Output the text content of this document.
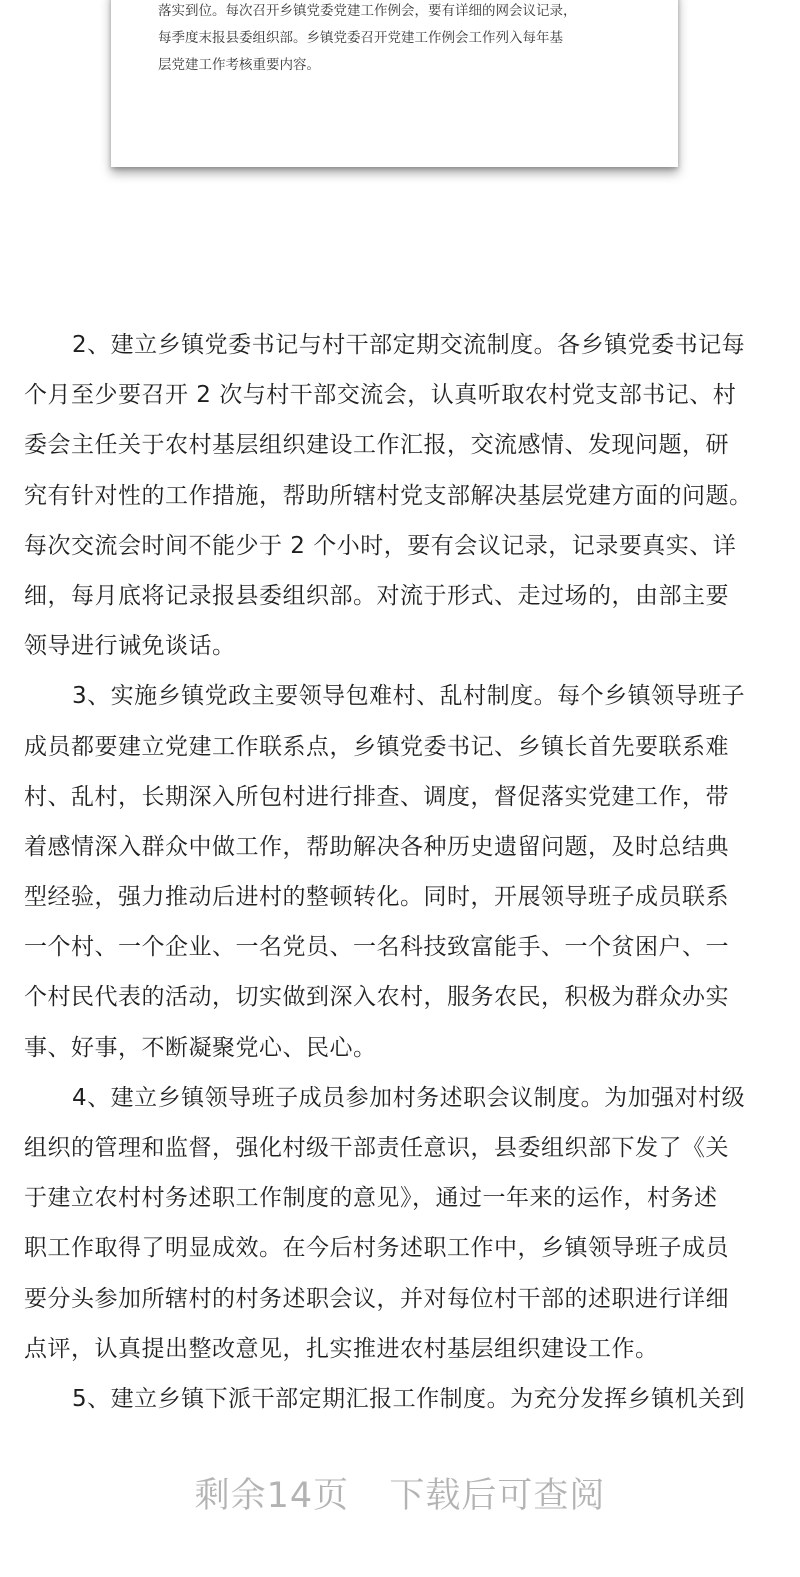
落实到位。每次召开乡镇党委党建工作例会，要有详细的网会议记录，

每季度末报县委组织部。乡镇党委召开党建工作例会工作列入每年基

层党建工作考核重要内容。

2、建立乡镇党委书记与村干部定期交流制度。各乡镇党委书记每
个月至少要召开 2 次与村干部交流会，认真听取农村党支部书记、村
委会主任关于农村基层组织建设工作汇报，交流感情、发现问题，研
究有针对性的工作措施，帮助所辖村党支部解决基层党建方面的问题。
每次交流会时间不能少于 2 个小时，要有会议记录，记录要真实、详
细，每月底将记录报县委组织部。对流于形式、走过场的，由部主要
领导进行诫免谈话。
3、实施乡镇党政主要领导包难村、乱村制度。每个乡镇领导班子
成员都要建立党建工作联系点，乡镇党委书记、乡镇长首先要联系难
村、乱村，长期深入所包村进行排查、调度，督促落实党建工作，带
着感情深入群众中做工作，帮助解决各种历史遗留问题，及时总结典
型经验，强力推动后进村的整顿转化。同时，开展领导班子成员联系
一个村、一个企业、一名党员、一名科技致富能手、一个贫困户、一
个村民代表的活动，切实做到深入农村，服务农民，积极为群众办实
事、好事，不断凝聚党心、民心。
4、建立乡镇领导班子成员参加村务述职会议制度。为加强对村级
组织的管理和监督，强化村级干部责任意识，县委组织部下发了《关
于建立农村村务述职工作制度的意见》，通过一年来的运作，村务述
职工作取得了明显成效。在今后村务述职工作中，乡镇领导班子成员
要分头参加所辖村的村务述职会议，并对每位村干部的述职进行详细
点评，认真提出整改意见，扎实推进农村基层组织建设工作。
5、建立乡镇下派干部定期汇报工作制度。为充分发挥乡镇机关到
剩余14页 下载后可查阅
